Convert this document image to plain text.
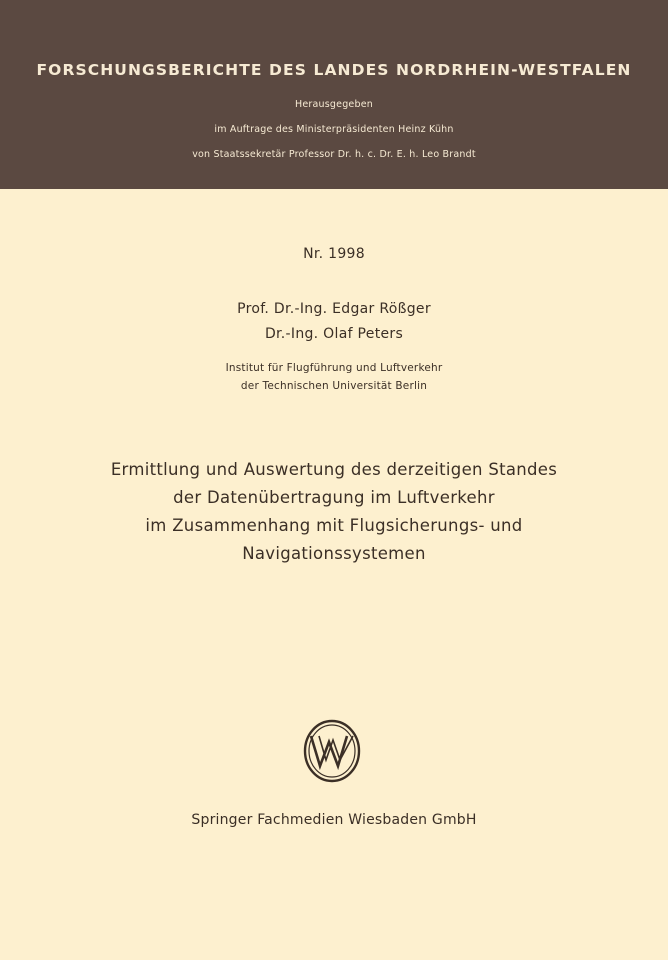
FORSCHUNGSBERICHTE DES LANDES NORDRHEIN-WESTFALEN
Herausgegeben
im Auftrage des Ministerpräsidenten Heinz Kühn
von Staatssekretär Professor Dr. h. c. Dr. E. h. Leo Brandt
Nr. 1998
Prof. Dr.-Ing. Edgar Rößger
Dr.-Ing. Olaf Peters
Institut für Flugführung und Luftverkehr
der Technischen Universität Berlin
Ermittlung und Auswertung des derzeitigen Standes
der Datenübertragung im Luftverkehr
im Zusammenhang mit Flugsicherungs- und
Navigationssystemen
Springer Fachmedien Wiesbaden GmbH
